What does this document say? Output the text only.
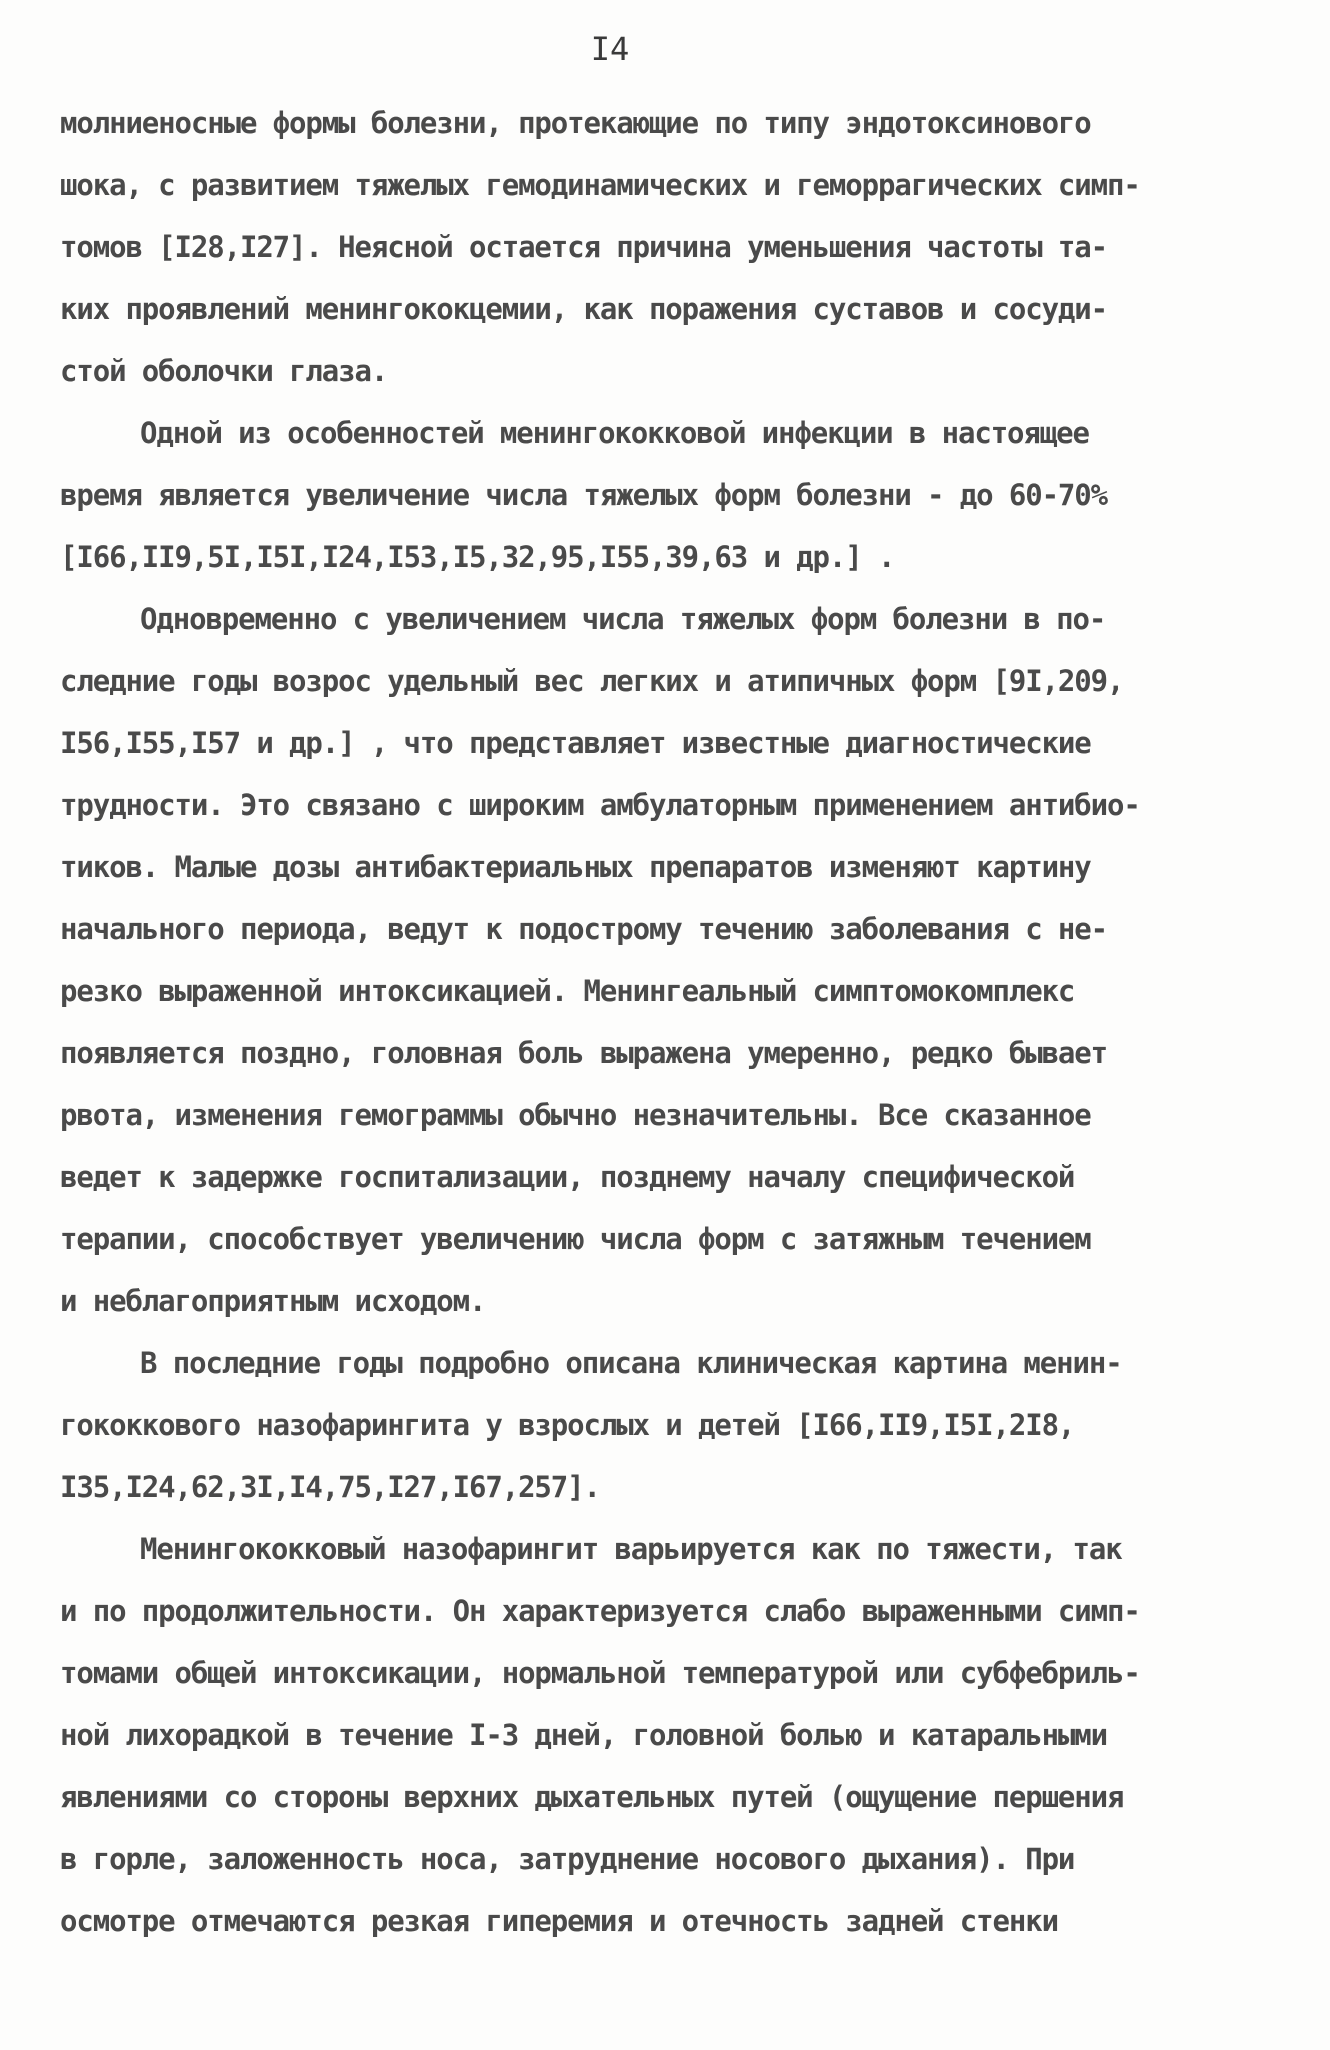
I4
молниеносные формы болезни, протекающие по типу эндотоксинового
шока, с развитием тяжелых гемодинамических и геморрагических симп-
томов [I28,I27]. Неясной остается причина уменьшения частоты та-
ких проявлений менингококцемии, как поражения суставов и сосуди-
стой оболочки глаза.
Одной из особенностей менингококковой инфекции в настоящее
время является увеличение числа тяжелых форм болезни - до 60-70%
[I66,II9,5I,I5I,I24,I53,I5,32,95,I55,39,63 и др.] .
Одновременно с увеличением числа тяжелых форм болезни в по-
следние годы возрос удельный вес легких и атипичных форм [9I,209,
I56,I55,I57 и др.] , что представляет известные диагностические
трудности. Это связано с широким амбулаторным применением антибио-
тиков. Малые дозы антибактериальных препаратов изменяют картину
начального периода, ведут к подострому течению заболевания с не-
резко выраженной интоксикацией. Менингеальный симптомокомплекс
появляется поздно, головная боль выражена умеренно, редко бывает
рвота, изменения гемограммы обычно незначительны. Все сказанное
ведет к задержке госпитализации, позднему началу специфической
терапии, способствует увеличению числа форм с затяжным течением
и неблагоприятным исходом.
В последние годы подробно описана клиническая картина менин-
гококкового назофарингита у взрослых и детей [I66,II9,I5I,2I8,
I35,I24,62,3I,I4,75,I27,I67,257].
Менингококковый назофарингит варьируется как по тяжести, так
и по продолжительности. Он характеризуется слабо выраженными симп-
томами общей интоксикации, нормальной температурой или субфебриль-
ной лихорадкой в течение I-3 дней, головной болью и катаральными
явлениями со стороны верхних дыхательных путей (ощущение першения
в горле, заложенность носа, затруднение носового дыхания). При
осмотре отмечаются резкая гиперемия и отечность задней стенки
